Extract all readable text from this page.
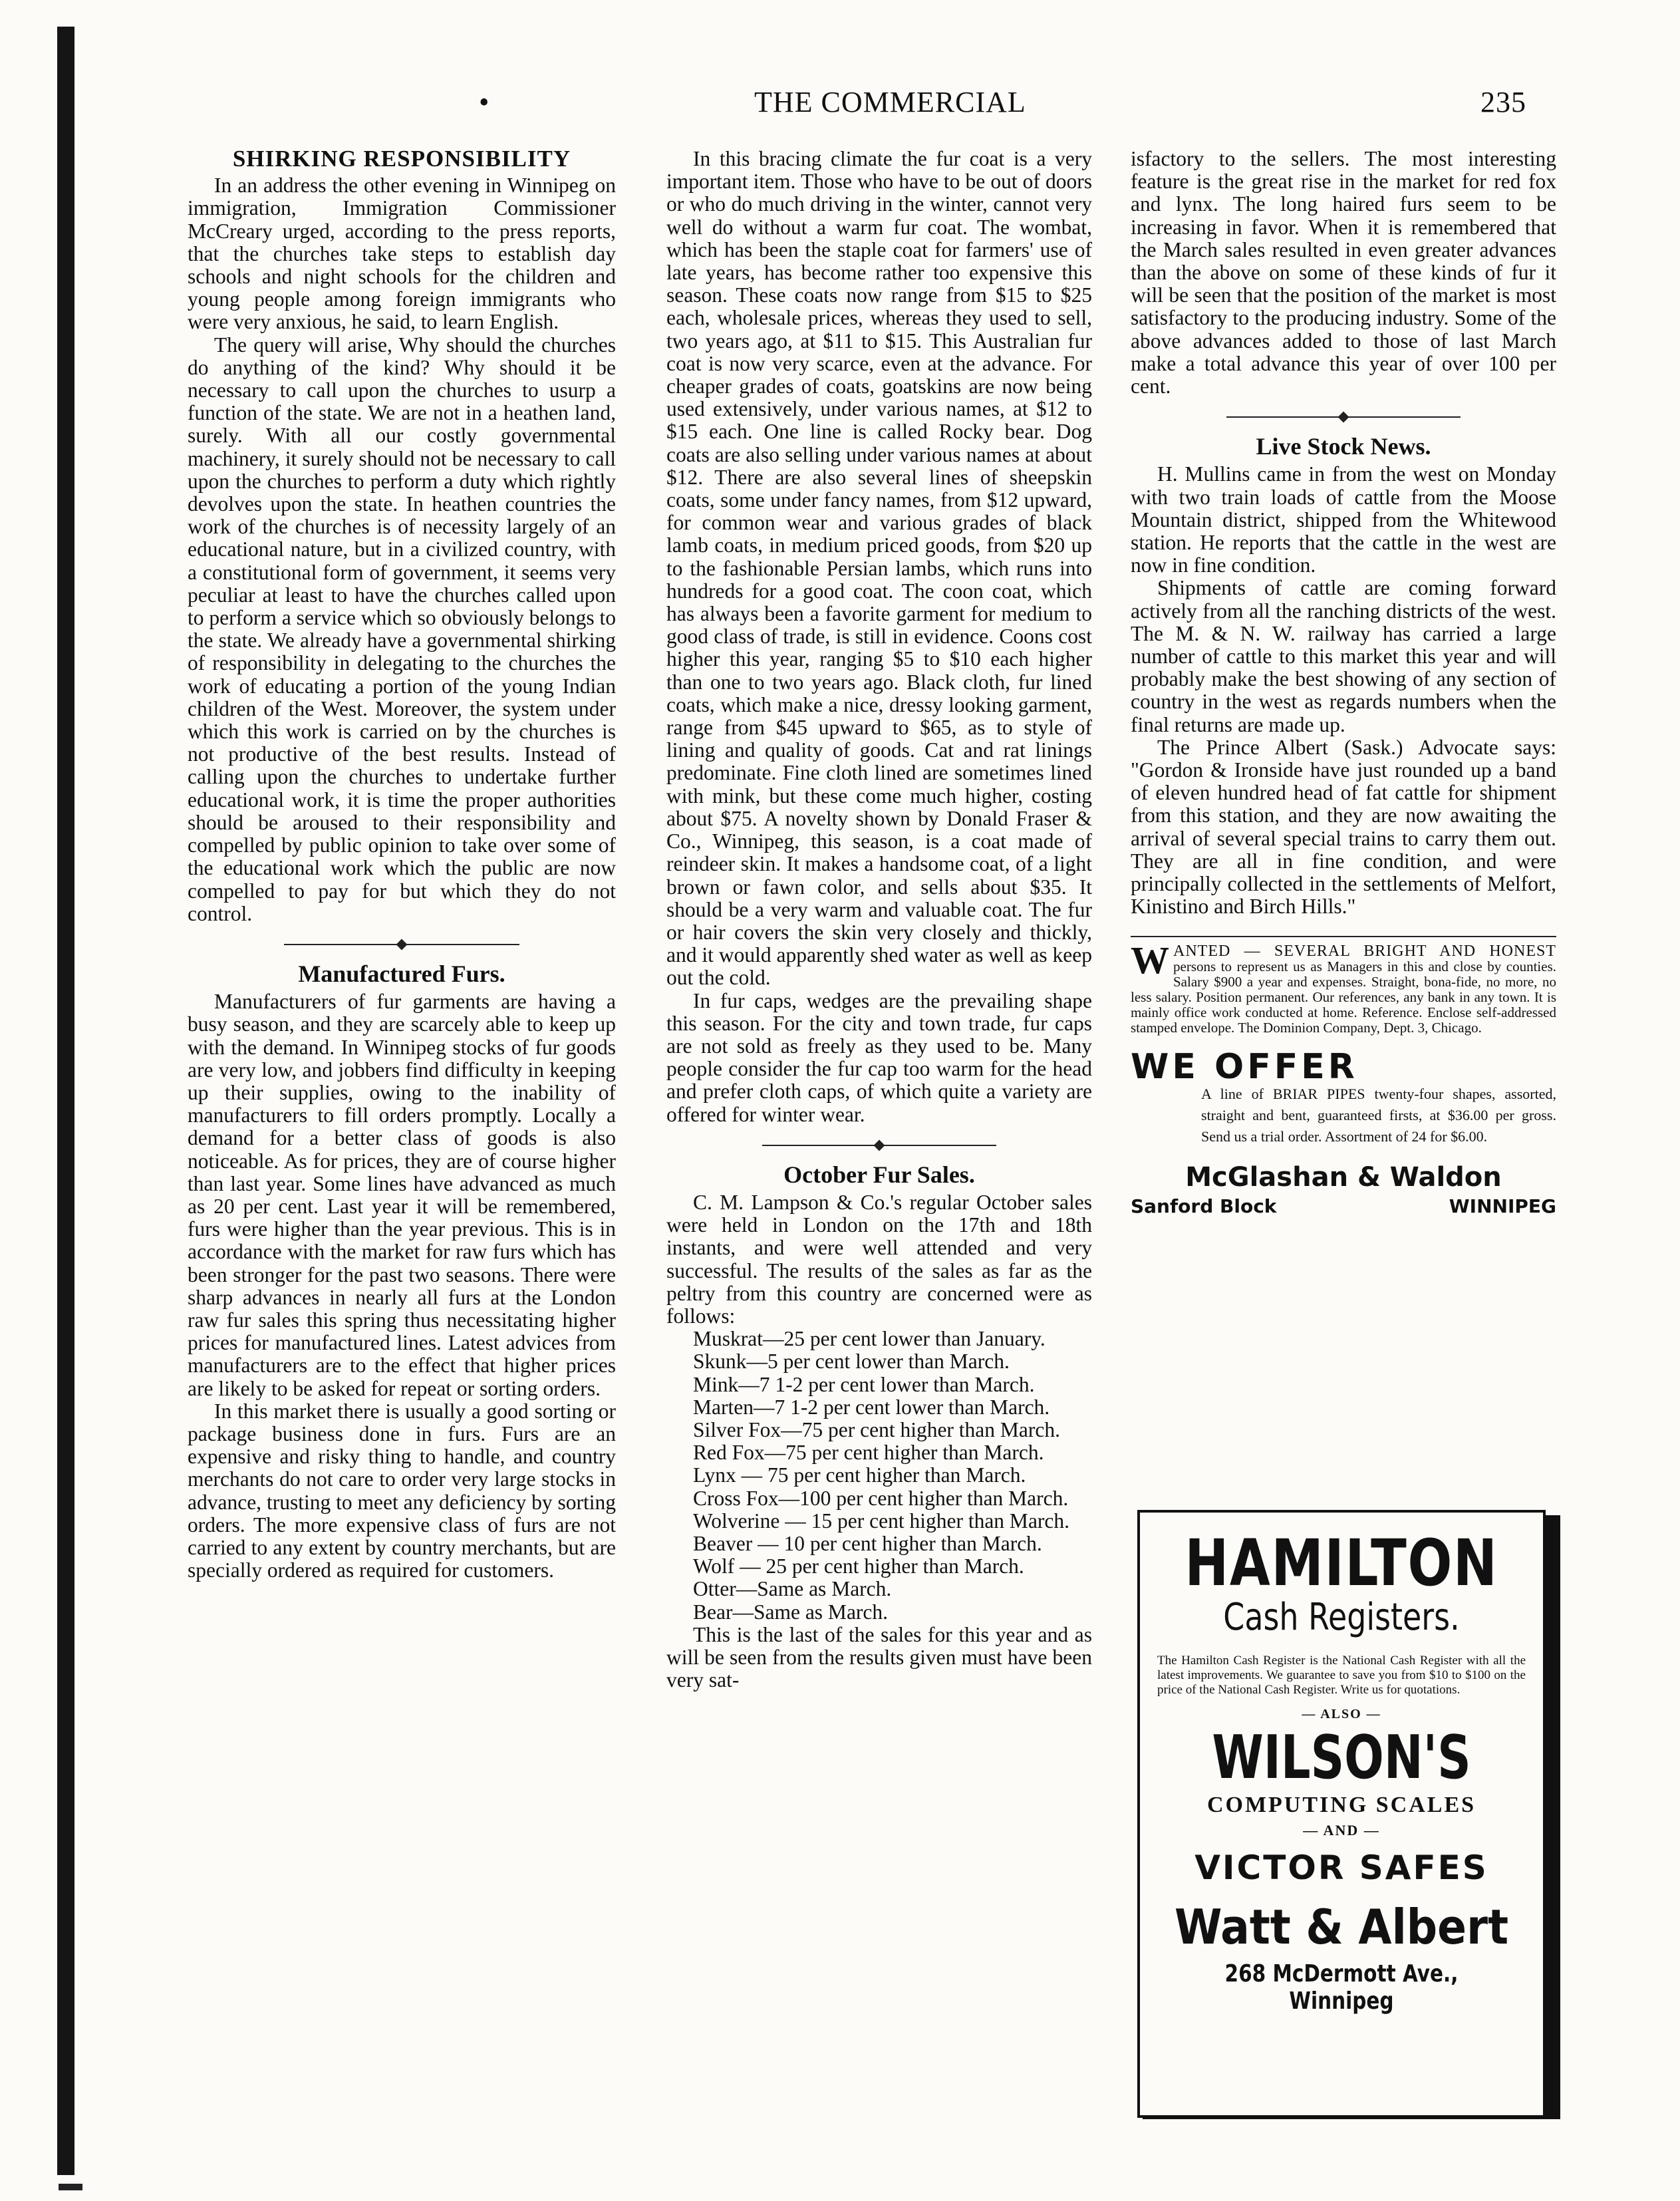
•	THE COMMERCIAL	235
SHIRKING RESPONSIBILITY

In an address the other evening in Winnipeg on immigration, Immigration Commissioner McCreary urged, according to the press reports, that the churches take steps to establish day schools and night schools for the children and young people among foreign immigrants who were very anxious, he said, to learn English.

The query will arise, Why should the churches do anything of the kind? Why should it be necessary to call upon the churches to usurp a function of the state. We are not in a heathen land, surely. With all our costly governmental machinery, it surely should not be necessary to call upon the churches to perform a duty which rightly devolves upon the state. In heathen countries the work of the churches is of necessity largely of an educational nature, but in a civilized country, with a constitutional form of government, it seems very peculiar at least to have the churches called upon to perform a service which so obviously belongs to the state. We already have a governmental shirking of responsibility in delegating to the churches the work of educating a portion of the young Indian children of the West. Moreover, the system under which this work is carried on by the churches is not productive of the best results. Instead of calling upon the churches to undertake further educational work, it is time the proper authorities should be aroused to their responsibility and compelled by public opinion to take over some of the educational work which the public are now compelled to pay for but which they do not control.

Manufactured Furs.

Manufacturers of fur garments are having a busy season, and they are scarcely able to keep up with the demand. In Winnipeg stocks of fur goods are very low, and jobbers find difficulty in keeping up their supplies, owing to the inability of manufacturers to fill orders promptly. Locally a demand for a better class of goods is also noticeable. As for prices, they are of course higher than last year. Some lines have advanced as much as 20 per cent. Last year it will be remembered, furs were higher than the year previous. This is in accordance with the market for raw furs which has been stronger for the past two seasons. There were sharp advances in nearly all furs at the London raw fur sales this spring thus necessitating higher prices for manufactured lines. Latest advices from manufacturers are to the effect that higher prices are likely to be asked for repeat or sorting orders.

In this market there is usually a good sorting or package business done in furs. Furs are an expensive and risky thing to handle, and country merchants do not care to order very large stocks in advance, trusting to meet any deficiency by sorting orders. The more expensive class of furs are not carried to any extent by country merchants, but are specially ordered as required for customers.

In this bracing climate the fur coat is a very important item. Those who have to be out of doors or who do much driving in the winter, cannot very well do without a warm fur coat. The wombat, which has been the staple coat for farmers' use of late years, has become rather too expensive this season. These coats now range from $15 to $25 each, wholesale prices, whereas they used to sell, two years ago, at $11 to $15. This Australian fur coat is now very scarce, even at the advance. For cheaper grades of coats, goatskins are now being used extensively, under various names, at $12 to $15 each. One line is called Rocky bear. Dog coats are also selling under various names at about $12. There are also several lines of sheepskin coats, some under fancy names, from $12 upward, for common wear and various grades of black lamb coats, in medium priced goods, from $20 up to the fashionable Persian lambs, which runs into hundreds for a good coat. The coon coat, which has always been a favorite garment for medium to good class of trade, is still in evidence. Coons cost higher this year, ranging $5 to $10 each higher than one to two years ago. Black cloth, fur lined coats, which make a nice, dressy looking garment, range from $45 upward to $65, as to style of lining and quality of goods. Cat and rat linings predominate. Fine cloth lined are sometimes lined with mink, but these come much higher, costing about $75. A novelty shown by Donald Fraser & Co., Winnipeg, this season, is a coat made of reindeer skin. It makes a handsome coat, of a light brown or fawn color, and sells about $35. It should be a very warm and valuable coat. The fur or hair covers the skin very closely and thickly, and it would apparently shed water as well as keep out the cold.

In fur caps, wedges are the prevailing shape this season. For the city and town trade, fur caps are not sold as freely as they used to be. Many people consider the fur cap too warm for the head and prefer cloth caps, of which quite a variety are offered for winter wear.

October Fur Sales.

C. M. Lampson & Co.'s regular October sales were held in London on the 17th and 18th instants, and were well attended and very successful. The results of the sales as far as the peltry from this country are concerned were as follows:

Muskrat—25 per cent lower than January.
Skunk—5 per cent lower than March.
Mink—7 1-2 per cent lower than March.
Marten—7 1-2 per cent lower than March.
Silver Fox—75 per cent higher than March.
Red Fox—75 per cent higher than March.
Lynx — 75 per cent higher than March.
Cross Fox—100 per cent higher than March.
Wolverine — 15 per cent higher than March.
Beaver — 10 per cent higher than March.
Wolf — 25 per cent higher than March.
Otter—Same as March.
Bear—Same as March.

This is the last of the sales for this year and as will be seen from the results given must have been very sat-

isfactory to the sellers. The most interesting feature is the great rise in the market for red fox and lynx. The long haired furs seem to be increasing in favor. When it is remembered that the March sales resulted in even greater advances than the above on some of these kinds of fur it will be seen that the position of the market is most satisfactory to the producing industry. Some of the above advances added to those of last March make a total advance this year of over 100 per cent.

Live Stock News.

H. Mullins came in from the west on Monday with two train loads of cattle from the Moose Mountain district, shipped from the Whitewood station. He reports that the cattle in the west are now in fine condition.

Shipments of cattle are coming forward actively from all the ranching districts of the west. The M. & N. W. railway has carried a large number of cattle to this market this year and will probably make the best showing of any section of country in the west as regards numbers when the final returns are made up.

The Prince Albert (Sask.) Advocate says: "Gordon & Ironside have just rounded up a band of eleven hundred head of fat cattle for shipment from this station, and they are now awaiting the arrival of several special trains to carry them out. They are all in fine condition, and were principally collected in the settlements of Melfort, Kinistino and Birch Hills."

W ANTED — SEVERAL BRIGHT AND HONEST persons to represent us as Managers in this and close by counties. Salary $900 a year and expenses. Straight, bona-fide, no more, no less salary. Position permanent. Our references, any bank in any town. It is mainly office work conducted at home. Reference. Enclose self-addressed stamped envelope. The Dominion Company, Dept. 3, Chicago.
WE OFFER
A line of BRIAR PIPES twenty-four shapes, assorted, straight and bent, guaranteed firsts, at $36.00 per gross. Send us a trial order. Assortment of 24 for $6.00.
McGlashan & Waldon
Sanford Block	WINNIPEG
HAMILTON
Cash Registers.
The Hamilton Cash Register is the National Cash Register with all the latest improvements. We guarantee to save you from $10 to $100 on the price of the National Cash Register. Write us for quotations.
— ALSO —
WILSON'S
COMPUTING SCALES
— AND —
VICTOR SAFES
Watt & Albert
268 McDermott Ave., Winnipeg
